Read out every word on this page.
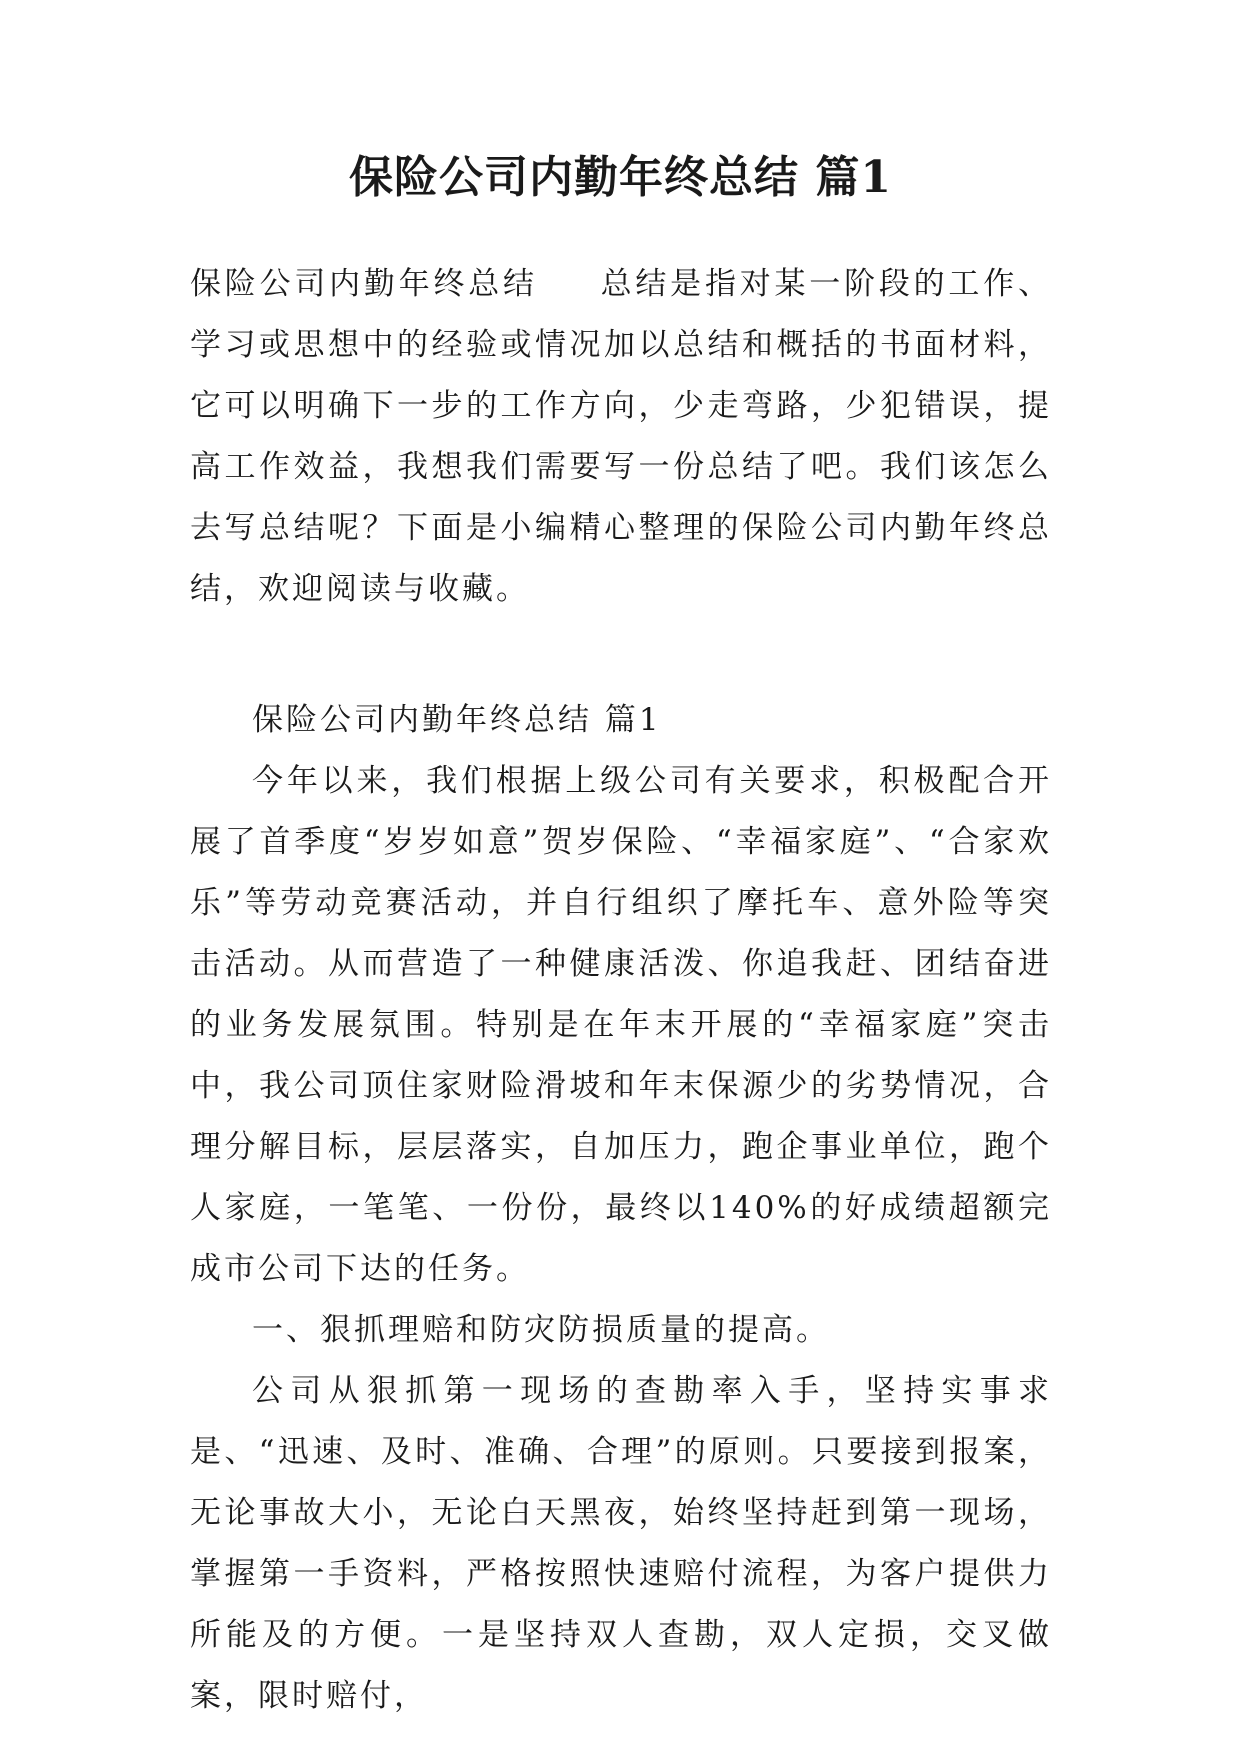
保险公司内勤年终总结 篇1

保险公司内勤年终总结 总结是指对某一阶段的工作、学习或思想中的经验或情况加以总结和概括的书面材料，它可以明确下一步的工作方向，少走弯路，少犯错误，提高工作效益，我想我们需要写一份总结了吧。我们该怎么去写总结呢？下面是小编精心整理的保险公司内勤年终总结，欢迎阅读与收藏。

保险公司内勤年终总结 篇1

今年以来，我们根据上级公司有关要求，积极配合开展了首季度“岁岁如意”贺岁保险、“幸福家庭”、“合家欢乐”等劳动竞赛活动，并自行组织了摩托车、意外险等突击活动。从而营造了一种健康活泼、你追我赶、团结奋进的业务发展氛围。特别是在年末开展的“幸福家庭”突击中，我公司顶住家财险滑坡和年末保源少的劣势情况，合理分解目标，层层落实，自加压力，跑企事业单位，跑个人家庭，一笔笔、一份份，最终以140%的好成绩超额完成市公司下达的任务。

一、狠抓理赔和防灾防损质量的提高。

公司从狠抓第一现场的查勘率入手，坚持实事求是、“迅速、及时、准确、合理”的原则。只要接到报案，无论事故大小，无论白天黑夜，始终坚持赶到第一现场，掌握第一手资料，严格按照快速赔付流程，为客户提供力所能及的方便。一是坚持双人查勘，双人定损，交叉做案，限时赔付，
